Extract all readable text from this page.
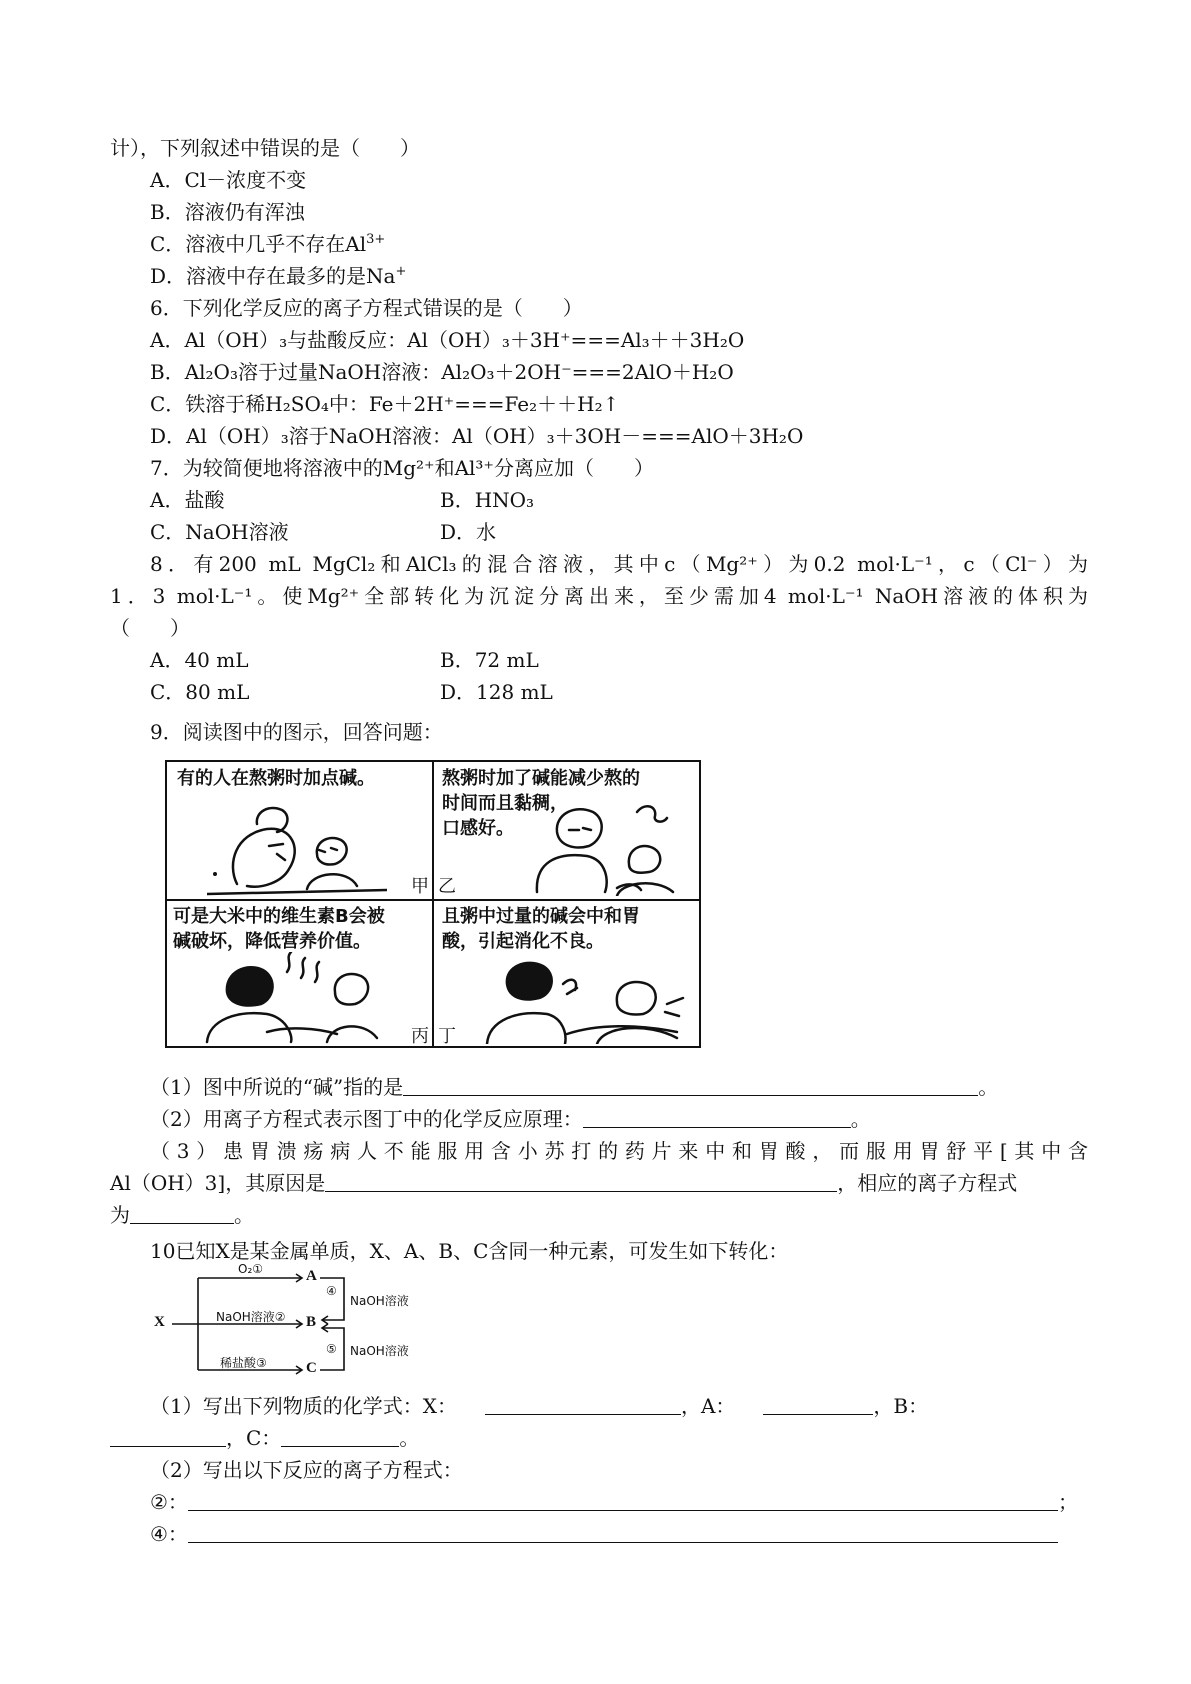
计），下列叙述中错误的是（　　）
A．Cl－浓度不变
B．溶液仍有浑浊
C．溶液中几乎不存在$Al^{3+}$
D．溶液中存在最多的是Na+
6．下列化学反应的离子方程式错误的是（　　）
A．Al（OH）₃与盐酸反应：Al（OH）₃＋3H⁺===Al₃＋＋3H₂O
B．Al₂O₃溶于过量NaOH溶液：Al₂O₃＋2OH⁻===2AlO＋H₂O
C．铁溶于稀H₂SO₄中：Fe＋2H⁺===Fe₂＋＋H₂↑
D．Al（OH）₃溶于NaOH溶液：Al（OH）₃＋3OH－===AlO＋3H₂O
7．为较简便地将溶液中的Mg²⁺和Al³⁺分离应加（　　）
A．盐酸	B．HNO₃
C．NaOH溶液	D．水
8．有200 mL MgCl₂和AlCl₃的混合溶液，其中c（Mg²⁺）为0.2 mol·L⁻¹，c（Cl⁻）为
1．3 mol·L⁻¹。使Mg²⁺全部转化为沉淀分离出来，至少需加4 mol·L⁻¹ NaOH溶液的体积为
（　　）
A．40 mL	B．72 mL
C．80 mL	D．128 mL
9．阅读图中的图示，回答问题：
有的人在熬粥时加点碱。
甲
熬粥时加了碱能减少熬的
时间而且黏稠，
口感好。
乙
可是大米中的维生素B会被
碱破坏，降低营养价值。
丙
且粥中过量的碱会中和胃
酸，引起消化不良。
丁
（1）图中所说的“碱”指的是	。
（2）用离子方程式表示图丁中的化学反应原理：	。
（3）患胃溃疡病人不能服用含小苏打的药片来中和胃酸，而服用胃舒平[其中含
Al（OH）3]，其原因是	，相应的离子方程式
为	。
10已知X是某金属单质，X、A、B、C含同一种元素，可发生如下转化：
X
A
B
C
O₂①
NaOH溶液②
稀盐酸③
④
⑤
NaOH溶液
NaOH溶液
（1）写出下列物质的化学式：X：	，A：	，B：
，C：	。
（2）写出以下反应的离子方程式：
②：	；
④：
